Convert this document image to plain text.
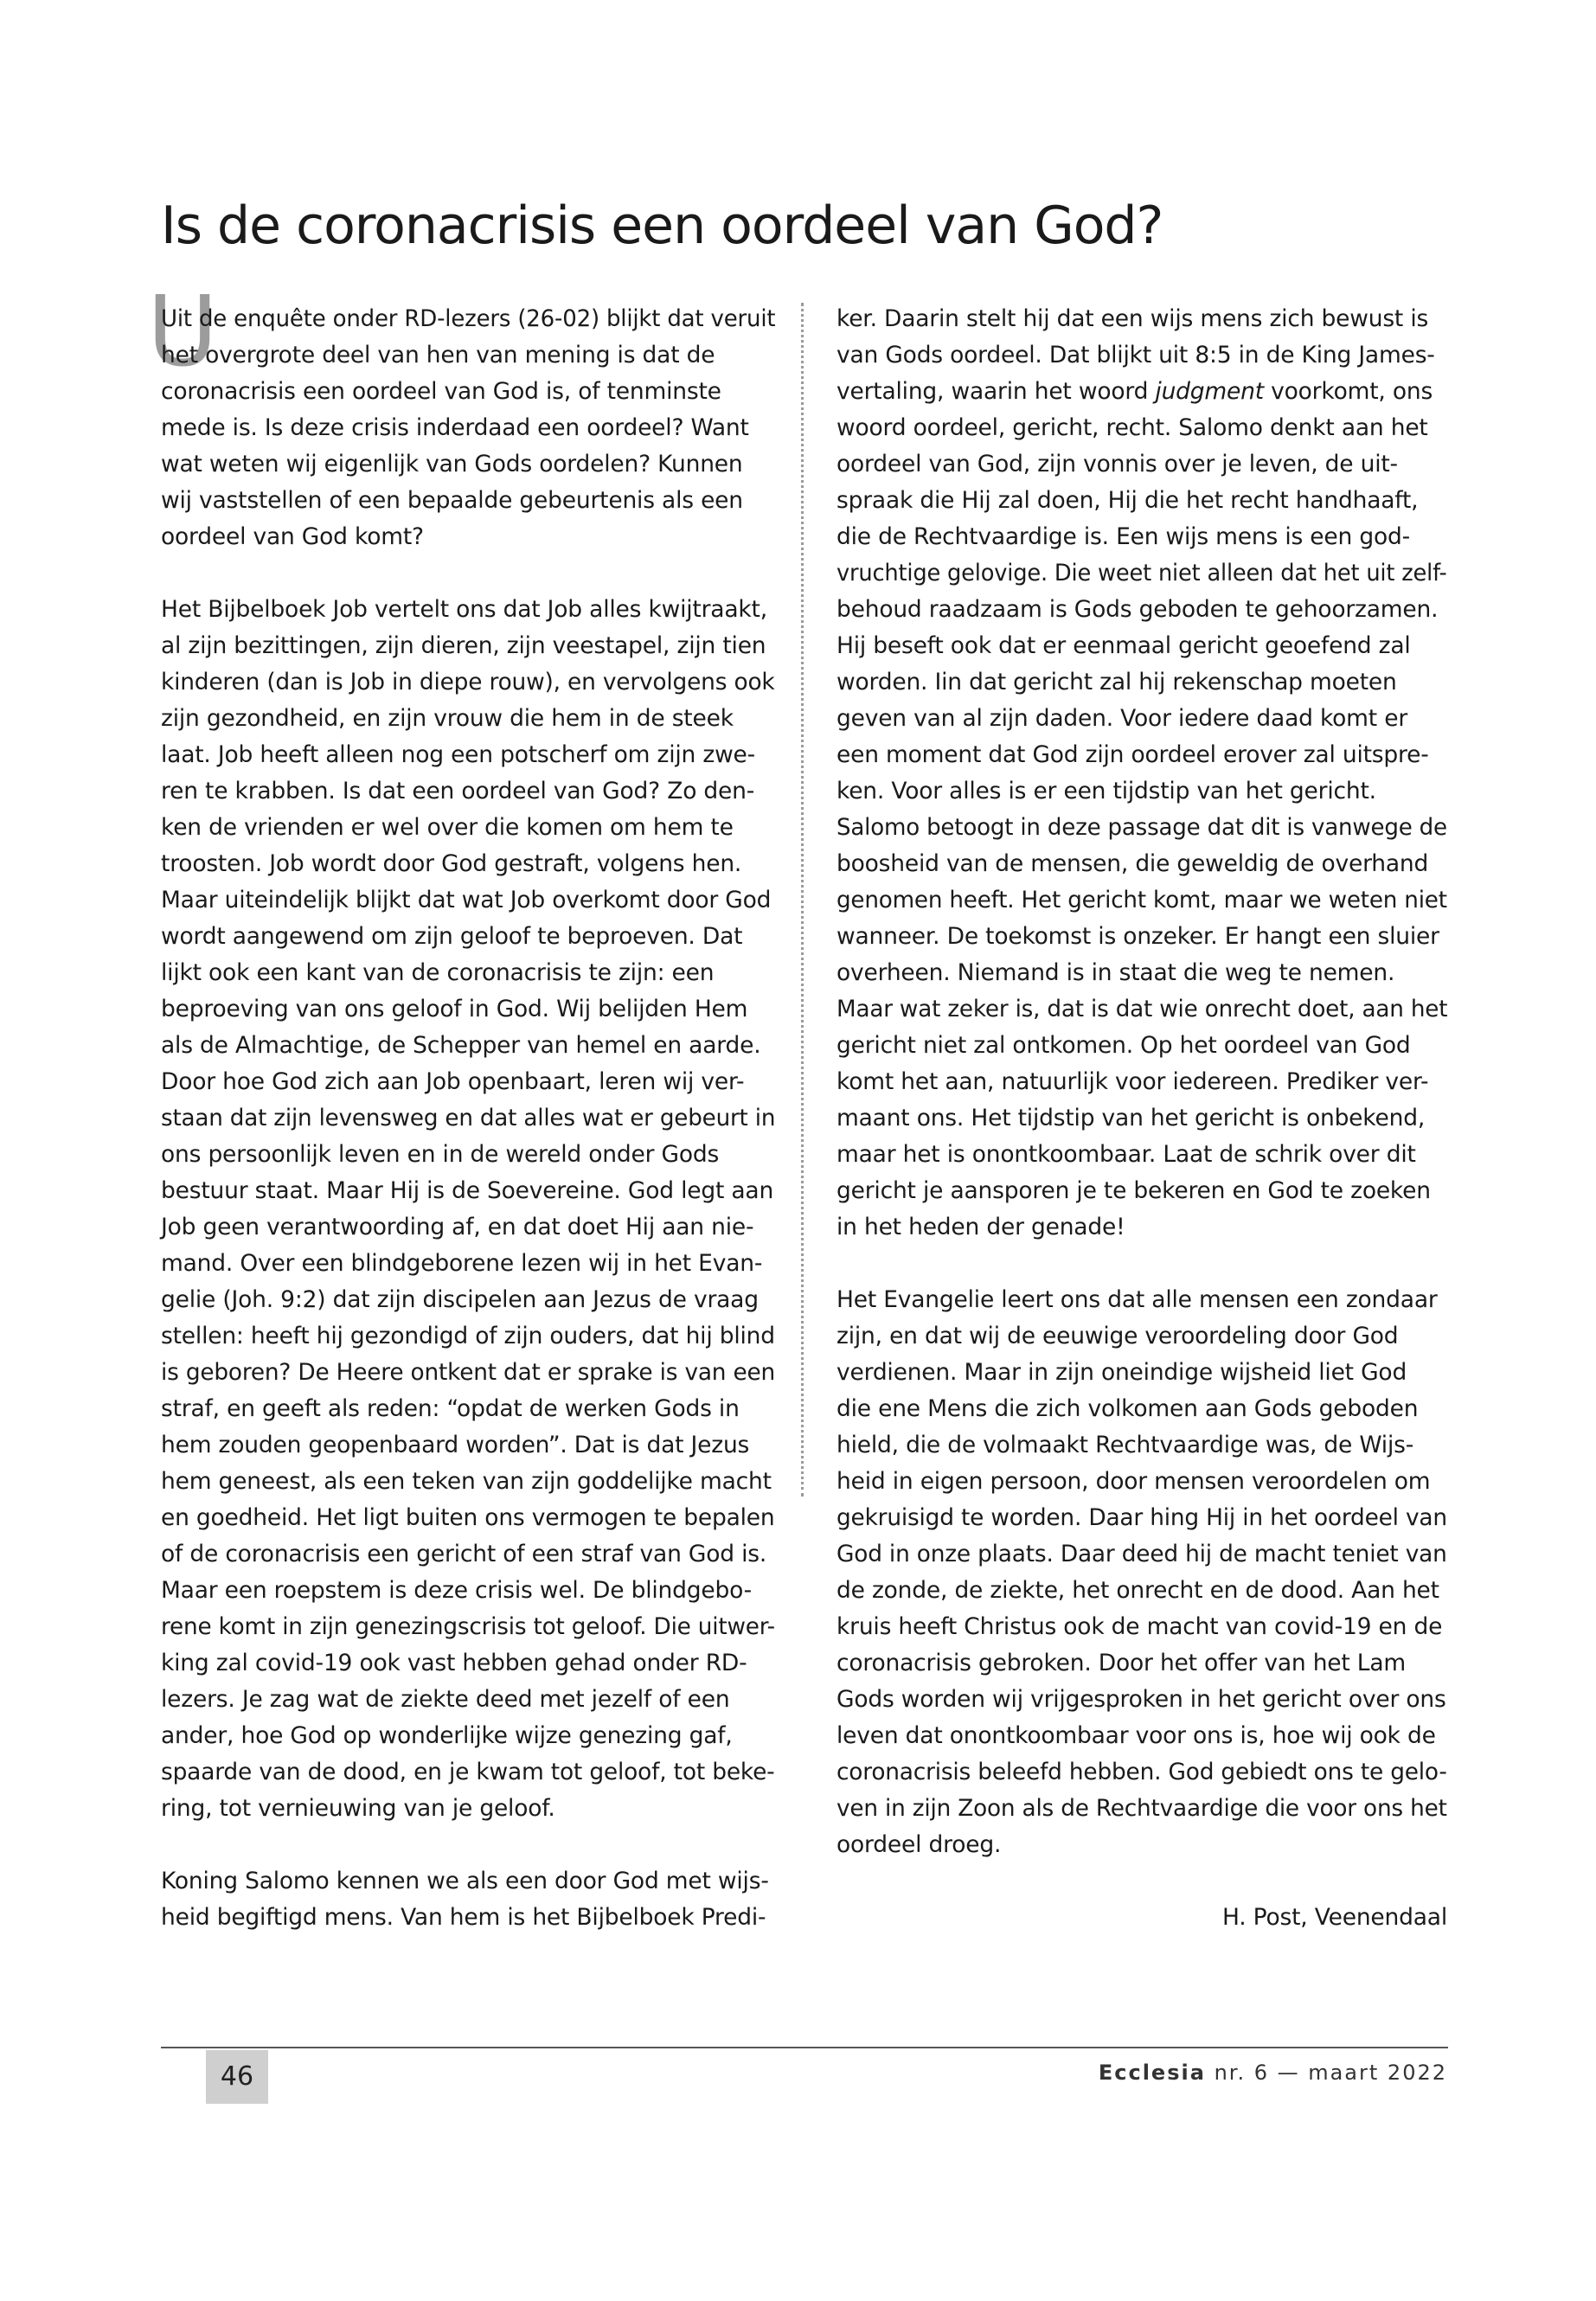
Is de coronacrisis een oordeel van God?
U
Uit de enquête onder RD-lezers (26-02) blijkt dat veruit
het overgrote deel van hen van mening is dat de
coronacrisis een oordeel van God is, of tenminste
mede is. Is deze crisis inderdaad een oordeel? Want
wat weten wij eigenlijk van Gods oordelen? Kunnen
wij vaststellen of een bepaalde gebeurtenis als een
oordeel van God komt?
Het Bijbelboek Job vertelt ons dat Job alles kwijtraakt,
al zijn bezittingen, zijn dieren, zijn veestapel, zijn tien
kinderen (dan is Job in diepe rouw), en vervolgens ook
zijn gezondheid, en zijn vrouw die hem in de steek
laat. Job heeft alleen nog een potscherf om zijn zwe-
ren te krabben. Is dat een oordeel van God? Zo den-
ken de vrienden er wel over die komen om hem te
troosten. Job wordt door God gestraft, volgens hen.
Maar uiteindelijk blijkt dat wat Job overkomt door God
wordt aangewend om zijn geloof te beproeven. Dat
lijkt ook een kant van de coronacrisis te zijn: een
beproeving van ons geloof in God. Wij belijden Hem
als de Almachtige, de Schepper van hemel en aarde.
Door hoe God zich aan Job openbaart, leren wij ver-
staan dat zijn levensweg en dat alles wat er gebeurt in
ons persoonlijk leven en in de wereld onder Gods
bestuur staat. Maar Hij is de Soevereine. God legt aan
Job geen verantwoording af, en dat doet Hij aan nie-
mand. Over een blindgeborene lezen wij in het Evan-
gelie (Joh. 9:2) dat zijn discipelen aan Jezus de vraag
stellen: heeft hij gezondigd of zijn ouders, dat hij blind
is geboren? De Heere ontkent dat er sprake is van een
straf, en geeft als reden: “opdat de werken Gods in
hem zouden geopenbaard worden”. Dat is dat Jezus
hem geneest, als een teken van zijn goddelijke macht
en goedheid. Het ligt buiten ons vermogen te bepalen
of de coronacrisis een gericht of een straf van God is.
Maar een roepstem is deze crisis wel. De blindgebo-
rene komt in zijn genezingscrisis tot geloof. Die uitwer-
king zal covid-19 ook vast hebben gehad onder RD-
lezers. Je zag wat de ziekte deed met jezelf of een
ander, hoe God op wonderlijke wijze genezing gaf,
spaarde van de dood, en je kwam tot geloof, tot beke-
ring, tot vernieuwing van je geloof.
Koning Salomo kennen we als een door God met wijs-
heid begiftigd mens. Van hem is het Bijbelboek Predi-
ker. Daarin stelt hij dat een wijs mens zich bewust is
van Gods oordeel. Dat blijkt uit 8:5 in de King James-
vertaling, waarin het woord judgment voorkomt, ons
woord oordeel, gericht, recht. Salomo denkt aan het
oordeel van God, zijn vonnis over je leven, de uit-
spraak die Hij zal doen, Hij die het recht handhaaft,
die de Rechtvaardige is. Een wijs mens is een god-
vruchtige gelovige. Die weet niet alleen dat het uit zelf-
behoud raadzaam is Gods geboden te gehoorzamen.
Hij beseft ook dat er eenmaal gericht geoefend zal
worden. Iin dat gericht zal hij rekenschap moeten
geven van al zijn daden. Voor iedere daad komt er
een moment dat God zijn oordeel erover zal uitspre-
ken. Voor alles is er een tijdstip van het gericht.
Salomo betoogt in deze passage dat dit is vanwege de
boosheid van de mensen, die geweldig de overhand
genomen heeft. Het gericht komt, maar we weten niet
wanneer. De toekomst is onzeker. Er hangt een sluier
overheen. Niemand is in staat die weg te nemen.
Maar wat zeker is, dat is dat wie onrecht doet, aan het
gericht niet zal ontkomen. Op het oordeel van God
komt het aan, natuurlijk voor iedereen. Prediker ver-
maant ons. Het tijdstip van het gericht is onbekend,
maar het is onontkoombaar. Laat de schrik over dit
gericht je aansporen je te bekeren en God te zoeken
in het heden der genade!
Het Evangelie leert ons dat alle mensen een zondaar
zijn, en dat wij de eeuwige veroordeling door God
verdienen. Maar in zijn oneindige wijsheid liet God
die ene Mens die zich volkomen aan Gods geboden
hield, die de volmaakt Rechtvaardige was, de Wijs-
heid in eigen persoon, door mensen veroordelen om
gekruisigd te worden. Daar hing Hij in het oordeel van
God in onze plaats. Daar deed hij de macht teniet van
de zonde, de ziekte, het onrecht en de dood. Aan het
kruis heeft Christus ook de macht van covid-19 en de
coronacrisis gebroken. Door het offer van het Lam
Gods worden wij vrijgesproken in het gericht over ons
leven dat onontkoombaar voor ons is, hoe wij ook de
coronacrisis beleefd hebben. God gebiedt ons te gelo-
ven in zijn Zoon als de Rechtvaardige die voor ons het
oordeel droeg.
H. Post, Veenendaal
46	Ecclesia nr. 6 — maart 2022
